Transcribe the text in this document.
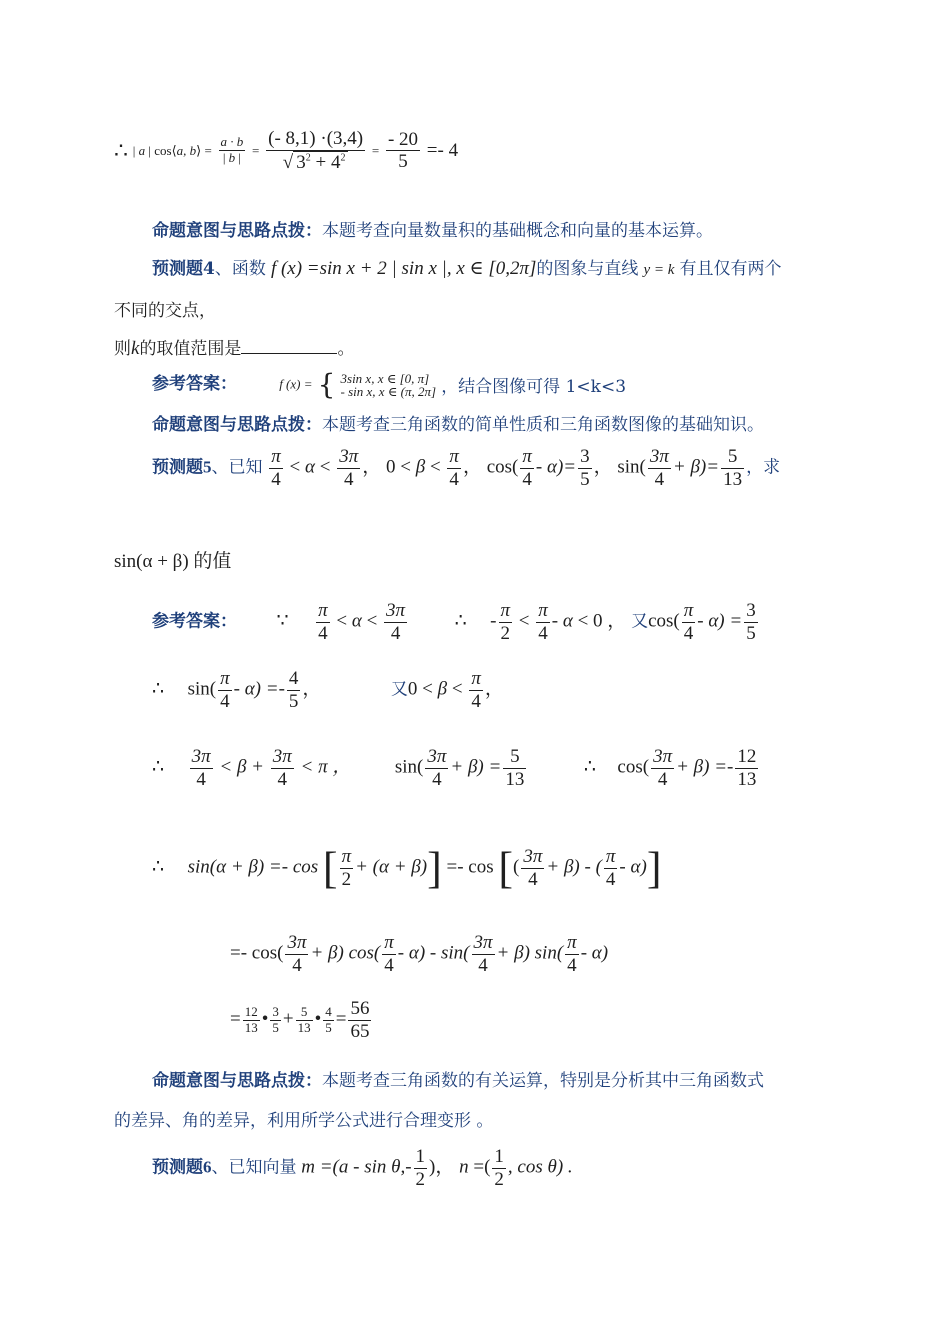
∴ | a | cos⟨a, b⟩ = $\frac{a \cdot b}{| b |} = \frac{(- 8,1) \cdot(3,4)}{√ 3^2 + 4^2} = \frac{- 20}{5} =- 4$
命题意图与思路点拨：本题考查向量数量积的基础概念和向量的基本运算。
预测题4、函数 f (x) =sin x + 2 | sin x |, x ∈ [0,2π]的图象与直线 y = k 有且仅有两个
不同的交点，
则k的取值范围是	。
参考答案：	f (x) = { 3sin x, x ∈ [0, π]
- sin x, x ∈ (π, 2π] ，结合图像可得 1<k<3
命题意图与思路点拨：本题考查三角函数的简单性质和三角函数图像的基础知识。
预测题5、已知 $\frac{\pi}{4} < \alpha < \frac{3\pi}{4}$ ， $0 < \beta < \frac{\pi}{4}$ ， $\cos( \frac{\pi}{4} - \alpha)= \frac{3}{5}$ ， $\sin( \frac{3\pi}{4} + \beta)= \frac{5}{13}$ ，求
sin(α + β) 的值
参考答案： ∵ $\frac{\pi}{4} < \alpha < \frac{3\pi}{4}$	∴ - $\frac{\pi}{2} < \frac{\pi}{4} - \alpha < 0$ ， 又$\cos( \frac{\pi}{4} - \alpha) = \frac{3}{5}$
∴ $\sin( \frac{\pi}{4} - \alpha) =- \frac{4}{5}$ ，	又$0 < \beta < \frac{\pi}{4}$ ，
∴ $\frac{3\pi}{4} < \beta + \frac{3\pi}{4} < \pi$ ， $\sin( \frac{3\pi}{4} + \beta) = \frac{5}{13}$	∴ $\cos( \frac{3\pi}{4} + \beta) =- \frac{12}{13}$
∴ sin(α + β) =- cos [ $\frac{\pi}{2} + (\alpha + \beta)] =- \cos$ [( $\frac{3\pi}{4} + \beta$) - ( $\frac{\pi}{4} - \alpha$)]
=- $\cos( \frac{3\pi}{4} + \beta)$ $\cos( \frac{\pi}{4} - \alpha) - \sin( \frac{3\pi}{4} + \beta)$ $\sin( \frac{\pi}{4} - \alpha)$
= $\frac{12}{13}$ • $\frac{3}{5} + \frac{5}{13}$ • $\frac{4}{5} = \frac{56}{65}$
命题意图与思路点拨：本题考查三角函数的有关运算，特别是分析其中三角函数式
的差异、角的差异，利用所学公式进行合理变形 。
预测题6、已知向量 $m =(a - \sin \theta,- \frac{1}{2}$ )， n =( $\frac{1}{2}$ , cos θ) .
